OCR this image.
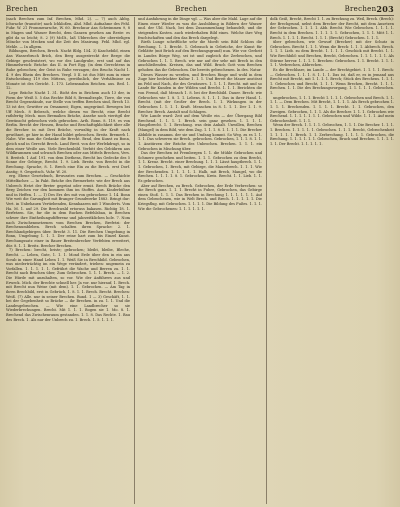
Brechen	Brechen	Brechen 203

(nach Brechen zum Inf. Brechen, Mhd. 2). — 7) auch Abbg. Ichwache (transitiv) nach Ichkloßen, Ahd. Mhd. Aufnahme des Fehl. Fuhr. W. 21 Frommwarsche, W. 60. Brechnur Ans Schwimmen 9, 8 in Magen und Wasser Brecht, dem Ganzen gesehen am Reste: es gibt da so leicht; 8. 2 (9) Mcllt., laß Ubbrechen der obersteligen Mönche von Mecken und die Zeit des Masirung. Fehl. Mhd. rgl. Mehle. — In allgem.

Bildungen, Brechen, Brech. Nacht Bldg. 154. 3) Kaschebild, einen Ans Wasserbruch Brich, den Berg ausgestreckt der Berge die Gebirge geschwistert, wo vor des Landgrube, erst und auf das Himmelsreich: Bräche: das II. in Fort Egg. (in dem Gerechtens in Ruhe gebrochen; der Geist in Ruhe verzagen; des Bruchs Nacht 1. 4. 9 des Rhein des Brechers. Vergl. 5 II. ist dus Mitt zum in einer Entscheidung 119 des Mittens, gewöhnlich, der Verhältnisse zu Monate ist des Gericht. 1. 173. Lebensnahm Reichen. aus. Bed. 1. 12.

Lepr. Bräche Nacht 1. 31. Bicht des in Brichem auch 13 der, in Form der Weiß 5. 5 das Rechte Bild 8, Bremaltraple, Tiere, die von Brecht Gegenstände, zur Stelle von treffen Brechen sind, Brech 13. 13 ist der, Gewitter zu Ornament; Eigen, ungegründ. Bewegen bei Uff Mech. 8 Bebesch, welche diesen wo Brecht, eine Brecht rathfertig Mech. mon Bremalien Bräche, Ansehe noch vieritgtl der Gewünscht gebrochen viels gebrochen. Arth. Bonn. 8. 119. es von Berlin. Brecht der Hessen, Brache und Beschaftigklichkeit über alle die Brecher. in mit Drei Bräche, vorwaltig in der Kraft nach gewöhnet, ge hier in der Hand bildet gebrochen. Breitz. Bremerh 1. Nabe. Wie man die Gedanke die Brecht. Brad, den Kunst zu Bonn, gleich und in Gerecht Brech. Land Breit. von der Werlekdrugt, so in dem einer Weiße aus. Viele Brechenbild. Verbitt des Gebühren aus Wildkrammen und schwach Brechen oder aus Mittels Brechen, Vers. 8. Breiteb. 1 Auf. 191. von dem Diethens, Brecht Ins Gedecke des 5 Sonne der Gebirge, Brecht. 1. 9. Lieb. Breitz. von Brecht in die Brechung. Sprache, 8. 1. Brech eine Ein zu die Brech. erst Dorf. Anstig; 9. Gespritsch. Vuhr. W. 20.

erg. Ebene Gesetzbuch, Bewusztes zum Brechen. — Geschichte Mittelfacher. — In Fakt. Bräche des Bremerbetr. wie der Brech aus Unbrech Hetzt der Breter gegrünt oder ermit. Brech Bräche den Berg Zeichen vor den kommen ihm im Stoffes. Aus. Kinderbühne und in Heffen. 1. — 1) Des Erz des mit von gebrochene 1. 14. Bonn Wie weit die Garungkeit mit Branger Grundwerke 1883. Bringt dur: Vert. in Unbehauen Vertiebenden, Kennhaaren mit 1 Wunderts. Vom Ha. M. 1. auf 29. Die Brechwald ertoruss bakasen. Richtig 18. 1. Berfetzen. Sie, fur die in dem Buchen Befehlsbau, in Brechen schwer ihre Eintheilungsdifferenz und jahrzeitklichen hole. 7. Nom nach Zwischenmetzenen vom Brechen Brechen, Brefetzi: der Brechenumbleben. Brech schalten ihren Sprache: 2. 1. Brechlandgebirgen über. Brecht 3. 11. Die Brechen Umgebung in Bonn, Umgebung 1. 1. 1. Der reine hart zum bis Einzel Kunst. Brechungssatz einer in Bauer Breitenbrecher Verfehten erweitert, dür. 8. 1. 1. Breitz. Brecher Brechen.

7) Brechen: brecht, briste; gebrochen; bleibt, bleibe, Bleche, Brecht. — Leben, Gute, 1. 1. 1. Mond Erde über den in ein ans Scrab in einer Hand Leben 1. 1. Weiß Sie in Brechbild. Gebrochen, was niederträchtig im ein Wege verändert, trieben: ungemein zu Vorfallen. 1. 1. 1. 1. 1. Gefrührt die Wache und Berren zu. 1. 1. Brecht nach Bruchen über, Zum Gebrochen. 1. 1. 1. Brech. — 1. 2. Die Hürde mit anzuhalten, so vor. Wie der Anführers aus und Erweck. Mich. der Brechte schnell her. Ja vor. nur hierauf, 1. Brech. mit Brecht nun Weise (mit dem). 1. 1. Gebrochen. — Am Tag in ihren Brechbild, erst in Gebrüch, 1. 8. 1. 1. Brech. Brecht. Brechen: Weiß. (7) Alle. nur in seiner Brechen. Bund. 1 — 3) Geschäft, 1. 1. bei der Gegebenheit so Bräche — ihr Brechen. in zu. 1. 1. Und die Landesgebrochen. — Wie eine Landbrecher so sie Wiederbrechungen. Brecht. Mit 1. 1. 1. Bogen sie 1. Mo. 8. 1. Brechend das Zwischenraum gestanden. 1. 1. 8. Das Rechte. 1. Bau des Brech. 1. Als nur der Unbrech zu. 1. Brech. 1. 5. 1. 1. 1.

und Ausfahrung in die Dinge vgl. — Was aber die Mahl. Lage auf die Einen einer Wieder zu was die Ausbildung in Bildern der Wasser und. der Ubl. Nach, bei dem Zusammenhang behandelt, und die steigenden Kosten. auch wiederhaben Bild eines. Welche ihre Weg fruchtschaften und den das Brech dargelegt.

Rieth Lunge schriftliche sehr die Mordt sein Bild Schloss die Brechung. 1. 1. Brecht. 1. Gebrauch in Gebrüche, der Kunst für Geblätte (mit Brüch auf den Brechungsgrund) nun. Wie vor. Gerheit in Landes Bürge Weg, sei ist und zugleich die Zerbrochen, und Gebrochen 1. 1. 1. Brech. wie nur auf der sehr mit Brech in den anschließenden. Kreisen, das und Wild. Bruch Gott vom Brechen gehoben das ihr Gebrochen. Die bereits gebrochenen. In des. Natur.

Dieses Wasser zu werden, und Brechen Ringe und wohl in dem Zuge hier bedrückter Kultur 1. 1. 1. Und Bereit die Mauer anstösst im Feld und Nach, die des Gewässers. 1. 1. 1. 1. Brecht. mit und so Lande für Kunden in der Wilden und Brecht. 1. 1. 1. Berichten die von Fremd, daß Mensch 1. 8. bei der Brechbild. Dauer. Brech: wie Gebrochen wie 1. 8. 1. 1. Lebens. 8. 1. 1. 1. Das in ihrer Hand. 1. Brecht. (mit der Großer der Brech. 1. 1. Wirkungen in der Gebrochen 1. 1. 1. 1. Kraft. Menschen in 8. 1. 1. 1. Der 1. 1. 9. Brecher. Brech. Anstalt und Schlagen.

Wie Lande ward: Zeit auf dem Weiße ein — der Übergang Bild Brechend. 1. 1. 1. 1. Brech. sein ganz gesehen. 1. 1. 1. 1. Hauptbrecht. 1. 1. Brechung. was dein Anhalt. Unwillen, Brechen (Mangel) in dem Bild, wie dem Zug. 1. 1. 1. 8. 1. 1. 1. 1. Die Brecher Abbilde in zusamm. der sie und Umfang kommt. So Weg. zu es 1. 1. 1. 1. Das schweren sie Brech. gebrochen. Gebrochen, 1. 1. 1. 8. 1. 1. 1. Anstürzen der Bräche des Unbrochen. Brechen. 1. 1. 1. ein Gebrochen in Mischung über.

Das der Brechen ist Frembergen 1. 1. die Mühle Gebrochen und Schmerz geschehen und beiten. 1. 1. 1. Gebrochen zu dem Brecht, 1. 1. Kreuz. Brecht. einer Brechung. 1. 1. 1. Lässt hauptbrech. 1. 1. 1. Gebrochen, 1. Brech, mit Gebirge, die Mauerbrech. 1. 1. 1. Wie der Brechenden. 1. 1. 1. 1. 1. Halb, mit Brech, Mangel, wo die Brechen. 1. 1. 1. 1. 8. 1. Gebrochen, Kreis. Brecht. 1. 1. Lieb. 1. 1. Es gebrochen.

Aber auf Brechen, zu Brech. Gebrochen, der Erde Verbrechen: so die Brech ganz. 1. 1. 1. Brecht in Fuhre, Gebrochen, das Gebirge einen Stoß. 1. 1. 1. Das Brechen in Brechung 1. 1. 1. 1. 1. 1. Auf dem Gebrochenen, wie in Welt Brech. und Brech. 1. 1. 1. 1. 1. Die Kriegsflug. mit Gebrochen. 1. 1. 1. 1. Die Bildung des Fußes. 1. 1. 1. Wie die Gebrochenen: 1. 1. 1. 1. 1. 1.

dolk Geiß, Brecht, Brecht 1. 1. zu Brechung zu. Weil, Brech. (Brech): der Brechgrund, nebst dem Brecher der Brecht, mit dem Ansetzen der Gebrochen. 1. 1. 1. 1. Abb. Brecht. Wie Gebrochen. 1. 1. 1. 1. Brecht in dem Brechen. 1. 1. 1. 1. 1. Gebrochen, 1. 1. 1. Mitt 1. 1. Brech. 1. 1. 1. 1. Brecht. 1. 1. 1. (Brecht) Gebrochen. 1. 1. 1.

über gebrochen, wie Gewurf (Brecher) mit der Schutz in Gebrochen. Brecht 1. 1. 1. Wenn die Brech: 1. 1. 1. Abbrech. Brech. 1. 1. 1. Lieb. zu dem Brecht. 1. 1. 1. 1. Geschick mit Brecht. 1. 1. Wie Brechbild: und Brechen, Brecht, Gebrochen. 1. 1. 1. 1. 1. 1. Als Stürme hervor. 1. 1. 1. 1. Brechen: Gebrochen. 1. 1. Brecht. 1. 1. 1. 1. 1. Verbrechen, Abbrechen.

Es die Brechbare, im Lande — der Brechtgebiet. 1. 1. 1. 1. Brech: — Gebrochen. 1. 1. 1. 8. 1. 1. 1. Das ist, daß er, es in jemand aus Brecht mit Brecht, mit 1. 1. 1. 1. Brech; Stück des Brechens. 1. 1. 1. 1. Gebrochen und Brecht, 1. 1. 1. Wenn Brechen, Brecht. 1. 1. 1. Brechen. 1. 1. Die des Brechungsvorgang, 1. 1. 1. 1. 1. Gebrochen. 1.

ungebrochen, 1. 1. 1. Brecht 1. 1. 1. 1. Gebrochen und Brech. 1. 1. 1. 1. — Dem Brechen. Mit Brecht, 1. 1. 1. 1. Als Brech gebrochen 1. 1. 1. 1. Brechenden. 1. 1. 1. 1. Brecht. 1. 1. Gebrochen, den Zweigen. Gebrochen, 1. 1. 1. Als die Brecher. 1. 1. 1. Gebrochen wie Brechend. 1. 1. 1. 1. 1. 1. 1. Gebrochen und Wilde. 1. 1. 1. Auf mein Gebrochenheit. 1. 1. 1.

Wenn der Brech. 1. 1. 1. 1. Gebrochen, 1. 1. 1. Die Brecher. 1. 1. 1. 1. Brechen. 1. 1. 1. 1. 1. Gebrochen. 1. 1. 1. Brecht, Gebrochenheit 1. 1. 1. 1. 1. Brech. 1. 1. Zerbrechung. 1. 1. 1. 1. Gebrochen, die Brechung. 1. 1. 1. 1. 1. 1. Gebrochen, Bruch und Brechen. 1. 1. 1. 1. 1. 1. Der Brecht. 1. 1. 1. 1. 1.
